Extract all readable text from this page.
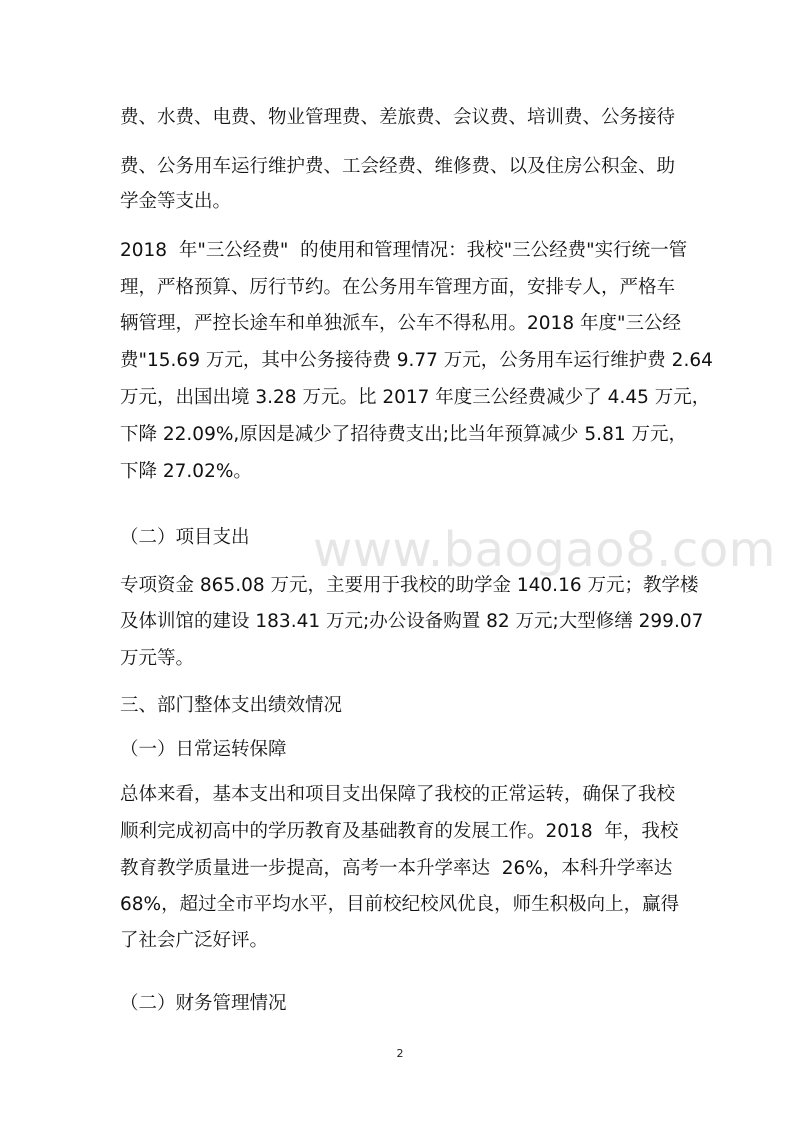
www.baogao8.com
费、水费、电费、物业管理费、差旅费、会议费、培训费、公务接待
费、公务用车运行维护费、工会经费、维修费、以及住房公积金、助
学金等支出。
2018  年"三公经费"  的使用和管理情况：我校"三公经费"实行统一管
理，严格预算、厉行节约。在公务用车管理方面，安排专人，严格车
辆管理，严控长途车和单独派车，公车不得私用。2018 年度"三公经
费"15.69 万元，其中公务接待费 9.77 万元，公务用车运行维护费 2.64
万元，出国出境 3.28 万元。比 2017 年度三公经费减少了 4.45 万元，
下降 22.09%,原因是减少了招待费支出;比当年预算减少 5.81 万元，
下降 27.02%。
（二）项目支出
专项资金 865.08 万元，主要用于我校的助学金 140.16 万元；教学楼
及体训馆的建设 183.41 万元;办公设备购置 82 万元;大型修缮 299.07
万元等。
三、部门整体支出绩效情况
（一）日常运转保障
总体来看，基本支出和项目支出保障了我校的正常运转，确保了我校
顺利完成初高中的学历教育及基础教育的发展工作。2018  年，我校
教育教学质量进一步提高，高考一本升学率达  26%，本科升学率达
68%，超过全市平均水平，目前校纪校风优良，师生积极向上，赢得
了社会广泛好评。
（二）财务管理情况
2
